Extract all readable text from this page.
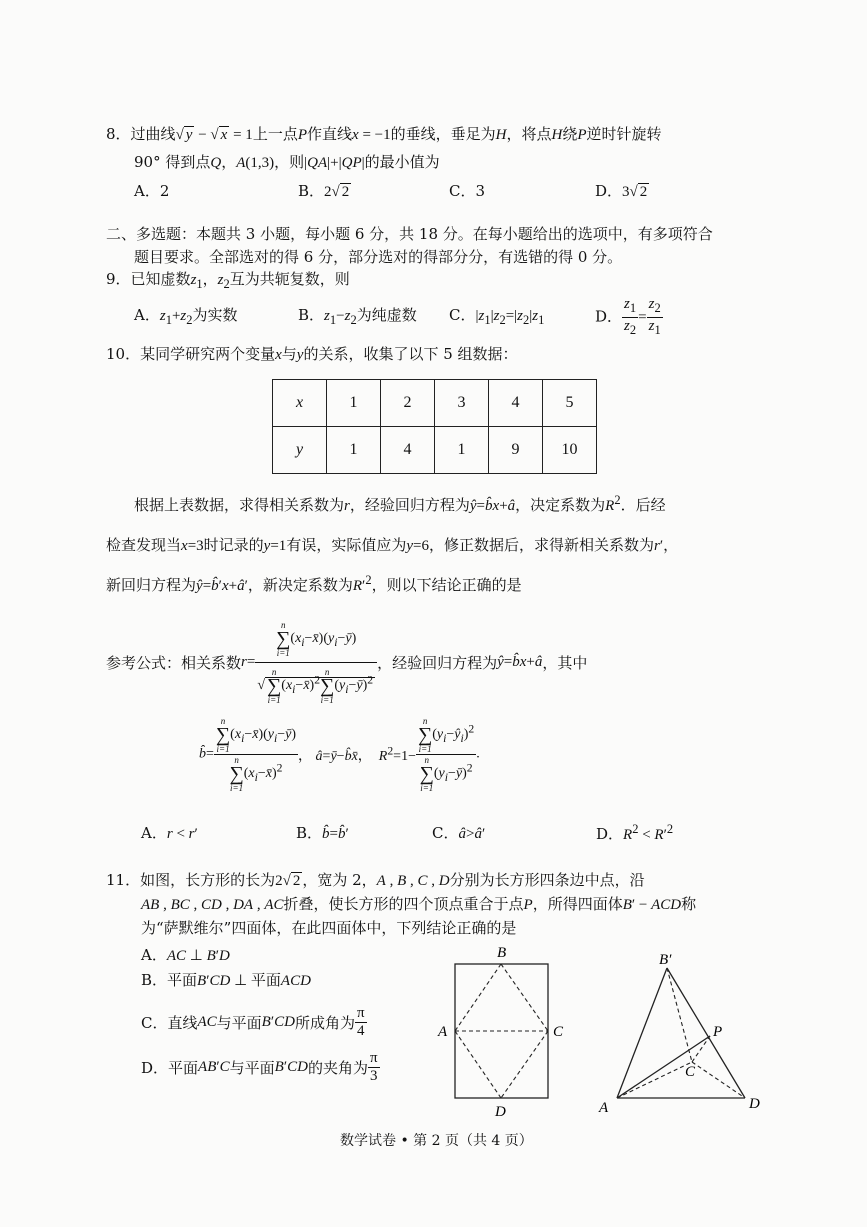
8．过曲线√ y − √ x = 1上一点P作直线x = −1的垂线，垂足为H，将点H绕P逆时针旋转
90° 得到点Q，A(1,3)，则|QA|+|QP|的最小值为
A．2	B．2√ 2	C．3	D．3√ 2
二、多选题：本题共 3 小题，每小题 6 分，共 18 分。在每小题给出的选项中，有多项符合
题目要求。全部选对的得 6 分，部分选对的得部分分，有选错的得 0 分。
9．已知虚数$z_1$，$z_2$互为共轭复数，则
A．$z_1+z_2$为实数	B．$z_1-z_2$为纯虚数 C．$|z_1|z_2=|z_2|z_1$	D． $\frac{z_1}{z_2} = \frac{z_2}{z_1}$
10．某同学研究两个变量x与y的关系，收集了以下 5 组数据：
x	1	2	3	4	5
y	1	4	1	9	10
根据上表数据，求得相关系数为r，经验回归方程为ŷ=b̂x+â，决定系数为$R^2$．后经
检查发现当x=3时记录的y=1有误，实际值应为y=6，修正数据后，求得新相关系数为r′，
新回归方程为ŷ=b̂′x+â′，新决定系数为$R'^2$，则以下结论正确的是
参考公式：相关系数r= n
∑
i=1
$(x_i-x̄)(y_i-ȳ)$
√
n
∑
i=1
$(x_i-x̄)^2$
n
∑
i=1
$(y_i-ȳ)^2$ ，经验回归方程为ŷ=b̂x+â，其中
b̂= n
∑
i=1
$(x_i-x̄)(y_i-ȳ)$
n
∑
i=1
$(x_i-x̄)^2$ ， â=ȳ−b̂x̄，  $R^2=1- n$
∑
i=1
$(y_i-ŷ_i)^2$
n
∑
i=1
$(y_i-ȳ)^2$ .
A．r < r′	B．b̂=b̂′	C．â>â′	D．$R^2 < R'^2$
11．如图，长方形的长为2√ 2 ，宽为 2，A , B , C , D分别为长方形四条边中点，沿
AB , BC , CD , DA , AC折叠，使长方形的四个顶点重合于点P，所得四面体B′ − ACD称
为“萨默维尔”四面体，在此四面体中，下列结论正确的是
A．AC ⊥ B′D
B．平面B′CD ⊥ 平面ACD
C．直线AC与平面B′CD所成角为 $\frac{\pi}{4}$
D．平面AB′C与平面B′CD的夹角为 $\frac{\pi}{3}$
B
A	C
D
B′
P
C
A	D
数学试卷 • 第 2 页（共 4 页）
